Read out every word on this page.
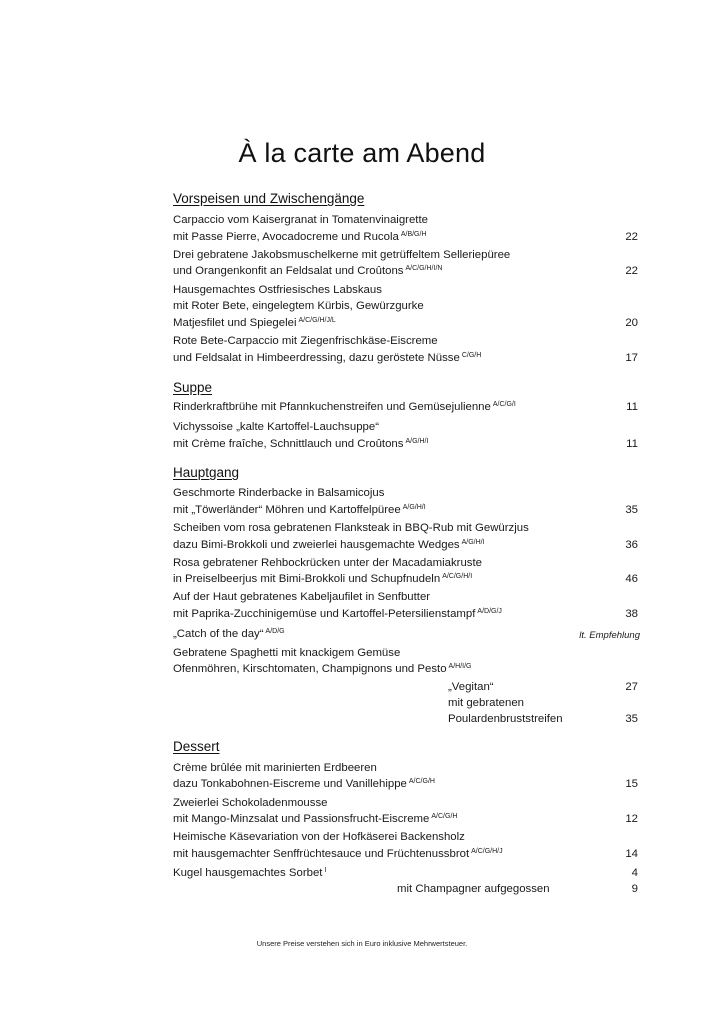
À la carte am Abend
Vorspeisen und Zwischengänge
Carpaccio vom Kaisergranat in Tomatenvinaigrette
mit Passe Pierre, Avocadocreme und Rucola $^{A/B/G/H}$	22
Drei gebratene Jakobsmuschelkerne mit getrüffeltem Selleriepüree
und Orangenkonfit an Feldsalat und Croûtons $^{A/C/G/H/I/N}$	22
Hausgemachtes Ostfriesisches Labskaus
mit Roter Bete, eingelegtem Kürbis, Gewürzgurke
Matjesfilet und Spiegelei $^{A/C/G/H/J/L}$	20
Rote Bete-Carpaccio mit Ziegenfrischkäse-Eiscreme
und Feldsalat in Himbeerdressing, dazu geröstete Nüsse $^{C/G/H}$	17
Suppe
Rinderkraftbrühe mit Pfannkuchenstreifen und Gemüsejulienne $^{A/C/G/I}$	11
Vichyssoise „kalte Kartoffel-Lauchsuppe“
mit Crème fraîche, Schnittlauch und Croûtons $^{A/G/H/I}$	11
Hauptgang
Geschmorte Rinderbacke in Balsamicojus
mit „Töwerländer“ Möhren und Kartoffelpüree $^{A/G/H/I}$	35
Scheiben vom rosa gebratenen Flanksteak in BBQ-Rub mit Gewürzjus
dazu Bimi-Brokkoli und zweierlei hausgemachte Wedges $^{A/G/H/I}$	36
Rosa gebratener Rehbockrücken unter der Macadamiakruste
in Preiselbeerjus mit Bimi-Brokkoli und Schupfnudeln $^{A/C/G/H/I}$	46
Auf der Haut gebratenes Kabeljaufilet in Senfbutter
mit Paprika-Zucchinigemüse und Kartoffel-Petersilienstampf $^{A/D/G/J}$	38
„Catch of the day“ $^{A/D/G}$	lt. Empfehlung
Gebratene Spaghetti mit knackigem Gemüse
Ofenmöhren, Kirschtomaten, Champignons und Pesto $^{A/H/I/G}$
„Vegitan“	27
mit gebratenen
Poulardenbruststreifen	35
Dessert
Crème brûlée mit marinierten Erdbeeren
dazu Tonkabohnen-Eiscreme und Vanillehippe $^{A/C/G/H}$	15
Zweierlei Schokoladenmousse
mit Mango-Minzsalat und Passionsfrucht-Eiscreme $^{A/C/G/H}$	12
Heimische Käsevariation von der Hofkäserei Backensholz
mit hausgemachter Senffrüchtesauce und Früchtenussbrot $^{A/C/G/H/J}$	14
Kugel hausgemachtes Sorbet $^I$	4
mit Champagner aufgegossen	9
Unsere Preise verstehen sich in Euro inklusive Mehrwertsteuer.
